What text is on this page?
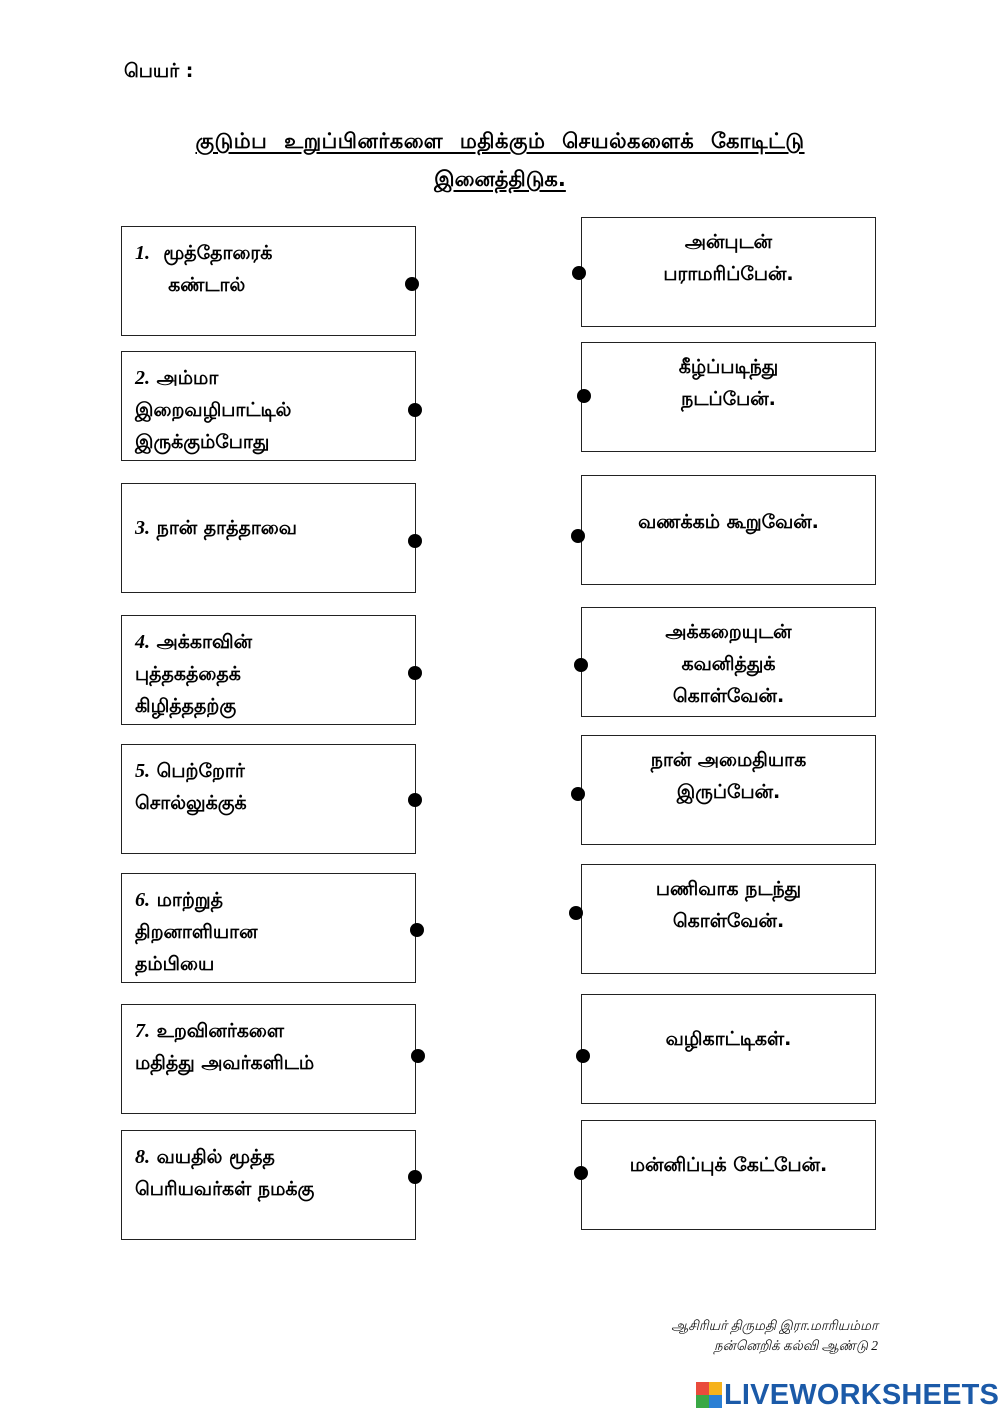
பெயர் :
குடும்ப உறுப்பினர்களை மதிக்கும் செயல்களைக் கோடிட்டு
இனைத்திடுக.
1. மூத்தோரைக்
கண்டால்
2. அம்மா
இறைவழிபாட்டில்
இருக்கும்போது
3. நான் தாத்தாவை
4. அக்காவின்
புத்தகத்தைக்
கிழித்ததற்கு
5. பெற்றோர்
சொல்லுக்குக்
6. மாற்றுத்
திறனாளியான
தம்பியை
7. உறவினர்களை
மதித்து அவர்களிடம்
8. வயதில் மூத்த
பெரியவர்கள் நமக்கு
அன்புடன்
பராமரிப்பேன்.
கீழ்ப்படிந்து
நடப்பேன்.
வணக்கம் கூறுவேன்.
அக்கறையுடன்
கவனித்துக்
கொள்வேன்.
நான் அமைதியாக
இருப்பேன்.
பணிவாக நடந்து
கொள்வேன்.
வழிகாட்டிகள்.
மன்னிப்புக் கேட்பேன்.
ஆசிரியர் திருமதி இரா.மாரியம்மா
நன்னெறிக் கல்வி ஆண்டு 2
LIVEWORKSHEETS
